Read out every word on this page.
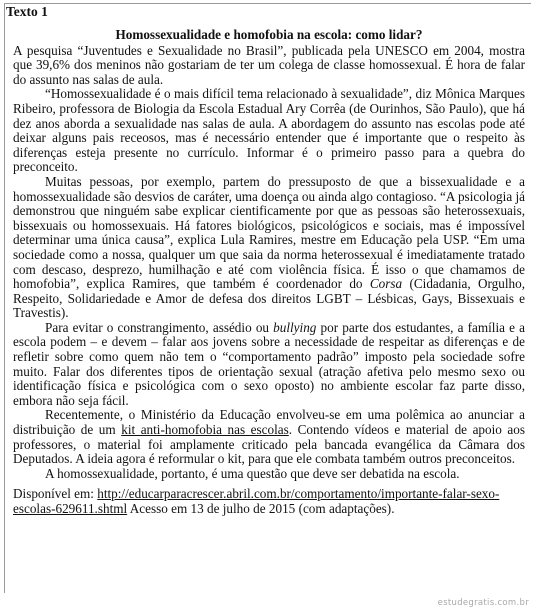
Texto 1
Homossexualidade e homofobia na escola: como lidar?

A pesquisa “Juventudes e Sexualidade no Brasil”, publicada pela UNESCO em 2004, mostra que 39,6% dos meninos não gostariam de ter um colega de classe homossexual. É hora de falar do assunto nas salas de aula.

“Homossexualidade é o mais difícil tema relacionado à sexualidade”, diz Mônica Marques Ribeiro, professora de Biologia da Escola Estadual Ary Corrêa (de Ourinhos, São Paulo), que há dez anos aborda a sexualidade nas salas de aula. A abordagem do assunto nas escolas pode até deixar alguns pais receosos, mas é necessário entender que é importante que o respeito às diferenças esteja presente no currículo. Informar é o primeiro passo para a quebra do preconceito.

Muitas pessoas, por exemplo, partem do pressuposto de que a bissexualidade e a homossexualidade são desvios de caráter, uma doença ou ainda algo contagioso. “A psicologia já demonstrou que ninguém sabe explicar cientificamente por que as pessoas são heterossexuais, bissexuais ou homossexuais. Há fatores biológicos, psicológicos e sociais, mas é impossível determinar uma única causa”, explica Lula Ramires, mestre em Educação pela USP. “Em uma sociedade como a nossa, qualquer um que saia da norma heterossexual é imediatamente tratado com descaso, desprezo, humilhação e até com violência física. É isso o que chamamos de homofobia”, explica Ramires, que também é coordenador do Corsa (Cidadania, Orgulho, Respeito, Solidariedade e Amor de defesa dos direitos LGBT – Lésbicas, Gays, Bissexuais e Travestis).

Para evitar o constrangimento, assédio ou bullying por parte dos estudantes, a família e a escola podem – e devem – falar aos jovens sobre a necessidade de respeitar as diferenças e de refletir sobre como quem não tem o “comportamento padrão” imposto pela sociedade sofre muito. Falar dos diferentes tipos de orientação sexual (atração afetiva pelo mesmo sexo ou identificação física e psicológica com o sexo oposto) no ambiente escolar faz parte disso, embora não seja fácil.

Recentemente, o Ministério da Educação envolveu-se em uma polêmica ao anunciar a distribuição de um kit anti-homofobia nas escolas. Contendo vídeos e material de apoio aos professores, o material foi amplamente criticado pela bancada evangélica da Câmara dos Deputados. A ideia agora é reformular o kit, para que ele combata também outros preconceitos.

A homossexualidade, portanto, é uma questão que deve ser debatida na escola.

Disponível em: http://educarparacrescer.abril.com.br/comportamento/importante-falar-sexo-escolas-629611.shtml Acesso em 13 de julho de 2015 (com adaptações).

estudegratis.com.br
